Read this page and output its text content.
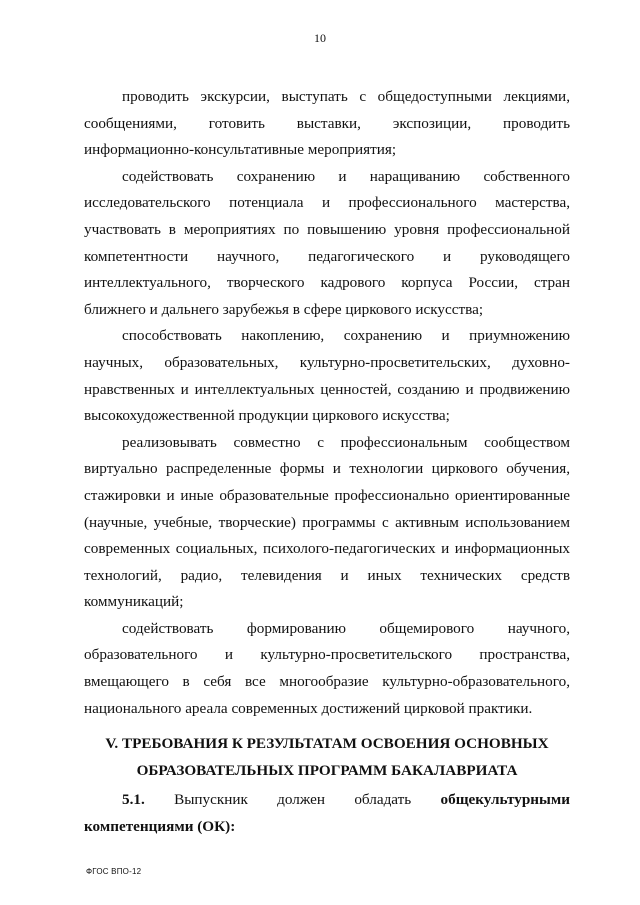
10

проводить экскурсии, выступать с общедоступными лекциями, сообщениями, готовить выставки, экспозиции, проводить информационно-консультативные мероприятия;

содействовать сохранению и наращиванию собственного исследовательского потенциала и профессионального мастерства, участвовать в мероприятиях по повышению уровня профессиональной компетентности научного, педагогического и руководящего интеллектуального, творческого кадрового корпуса России, стран ближнего и дальнего зарубежья в сфере циркового искусства;

способствовать накоплению, сохранению и приумножению научных, образовательных, культурно-просветительских, духовно-нравственных и интеллектуальных ценностей, созданию и продвижению высокохудожественной продукции циркового искусства;

реализовывать совместно с профессиональным сообществом виртуально распределенные формы и технологии циркового обучения, стажировки и иные образовательные профессионально ориентированные (научные, учебные, творческие) программы с активным использованием современных социальных, психолого-педагогических и информационных технологий, радио, телевидения и иных технических средств коммуникаций;

содействовать формированию общемирового научного, образовательного и культурно-просветительского пространства, вмещающего в себя все многообразие культурно-образовательного, национального ареала современных достижений цирковой практики.

V. ТРЕБОВАНИЯ К РЕЗУЛЬТАТАМ ОСВОЕНИЯ ОСНОВНЫХ
ОБРАЗОВАТЕЛЬНЫХ ПРОГРАММ БАКАЛАВРИАТА
5.1. Выпускник должен обладать общекультурными
компетенциями (ОК):
ФГОС ВПО-12
